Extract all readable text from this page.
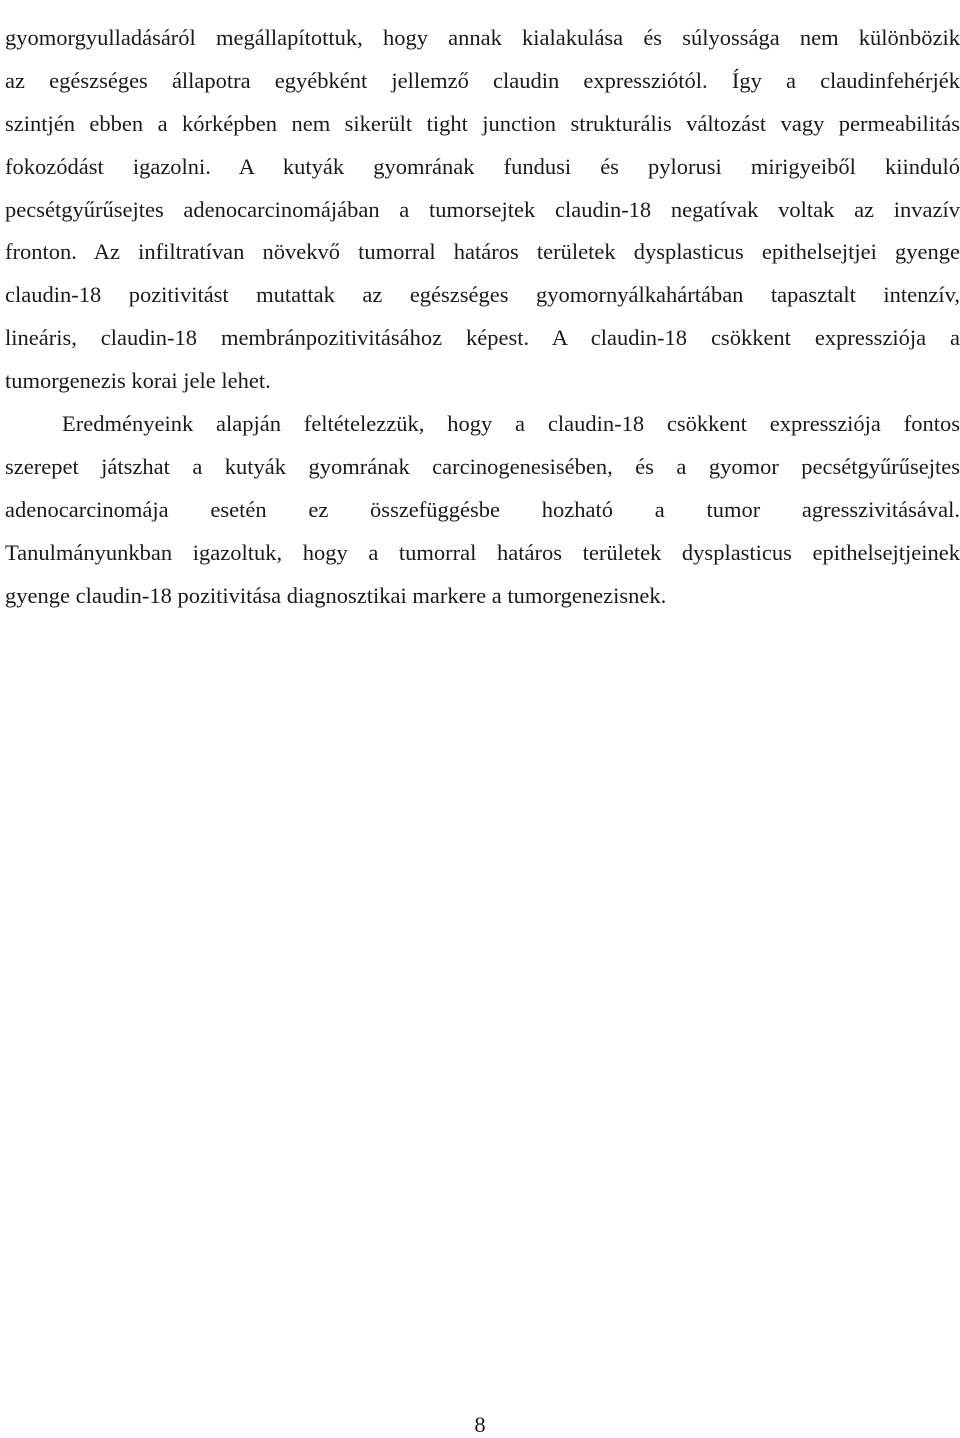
gyomorgyulladásáról megállapítottuk, hogy annak kialakulása és súlyossága nem különbözik
az egészséges állapotra egyébként jellemző claudin expressziótól. Így a claudinfehérjék
szintjén ebben a kórképben nem sikerült tight junction strukturális változást vagy permeabilitás
fokozódást igazolni. A kutyák gyomrának fundusi és pylorusi mirigyeiből kiinduló
pecsétgyűrűsejtes adenocarcinomájában a tumorsejtek claudin-18 negatívak voltak az invazív
fronton. Az infiltratívan növekvő tumorral határos területek dysplasticus epithelsejtjei gyenge
claudin-18 pozitivitást mutattak az egészséges gyomornyálkahártában tapasztalt intenzív,
lineáris, claudin-18 membránpozitivitásához képest. A claudin-18 csökkent expressziója a
tumorgenezis korai jele lehet.
Eredményeink alapján feltételezzük, hogy a claudin-18 csökkent expressziója fontos
szerepet játszhat a kutyák gyomrának carcinogenesisében, és a gyomor pecsétgyűrűsejtes
adenocarcinomája esetén ez összefüggésbe hozható a tumor agresszivitásával.
Tanulmányunkban igazoltuk, hogy a tumorral határos területek dysplasticus epithelsejtjeinek
gyenge claudin-18 pozitivitása diagnosztikai markere a tumorgenezisnek.
8
